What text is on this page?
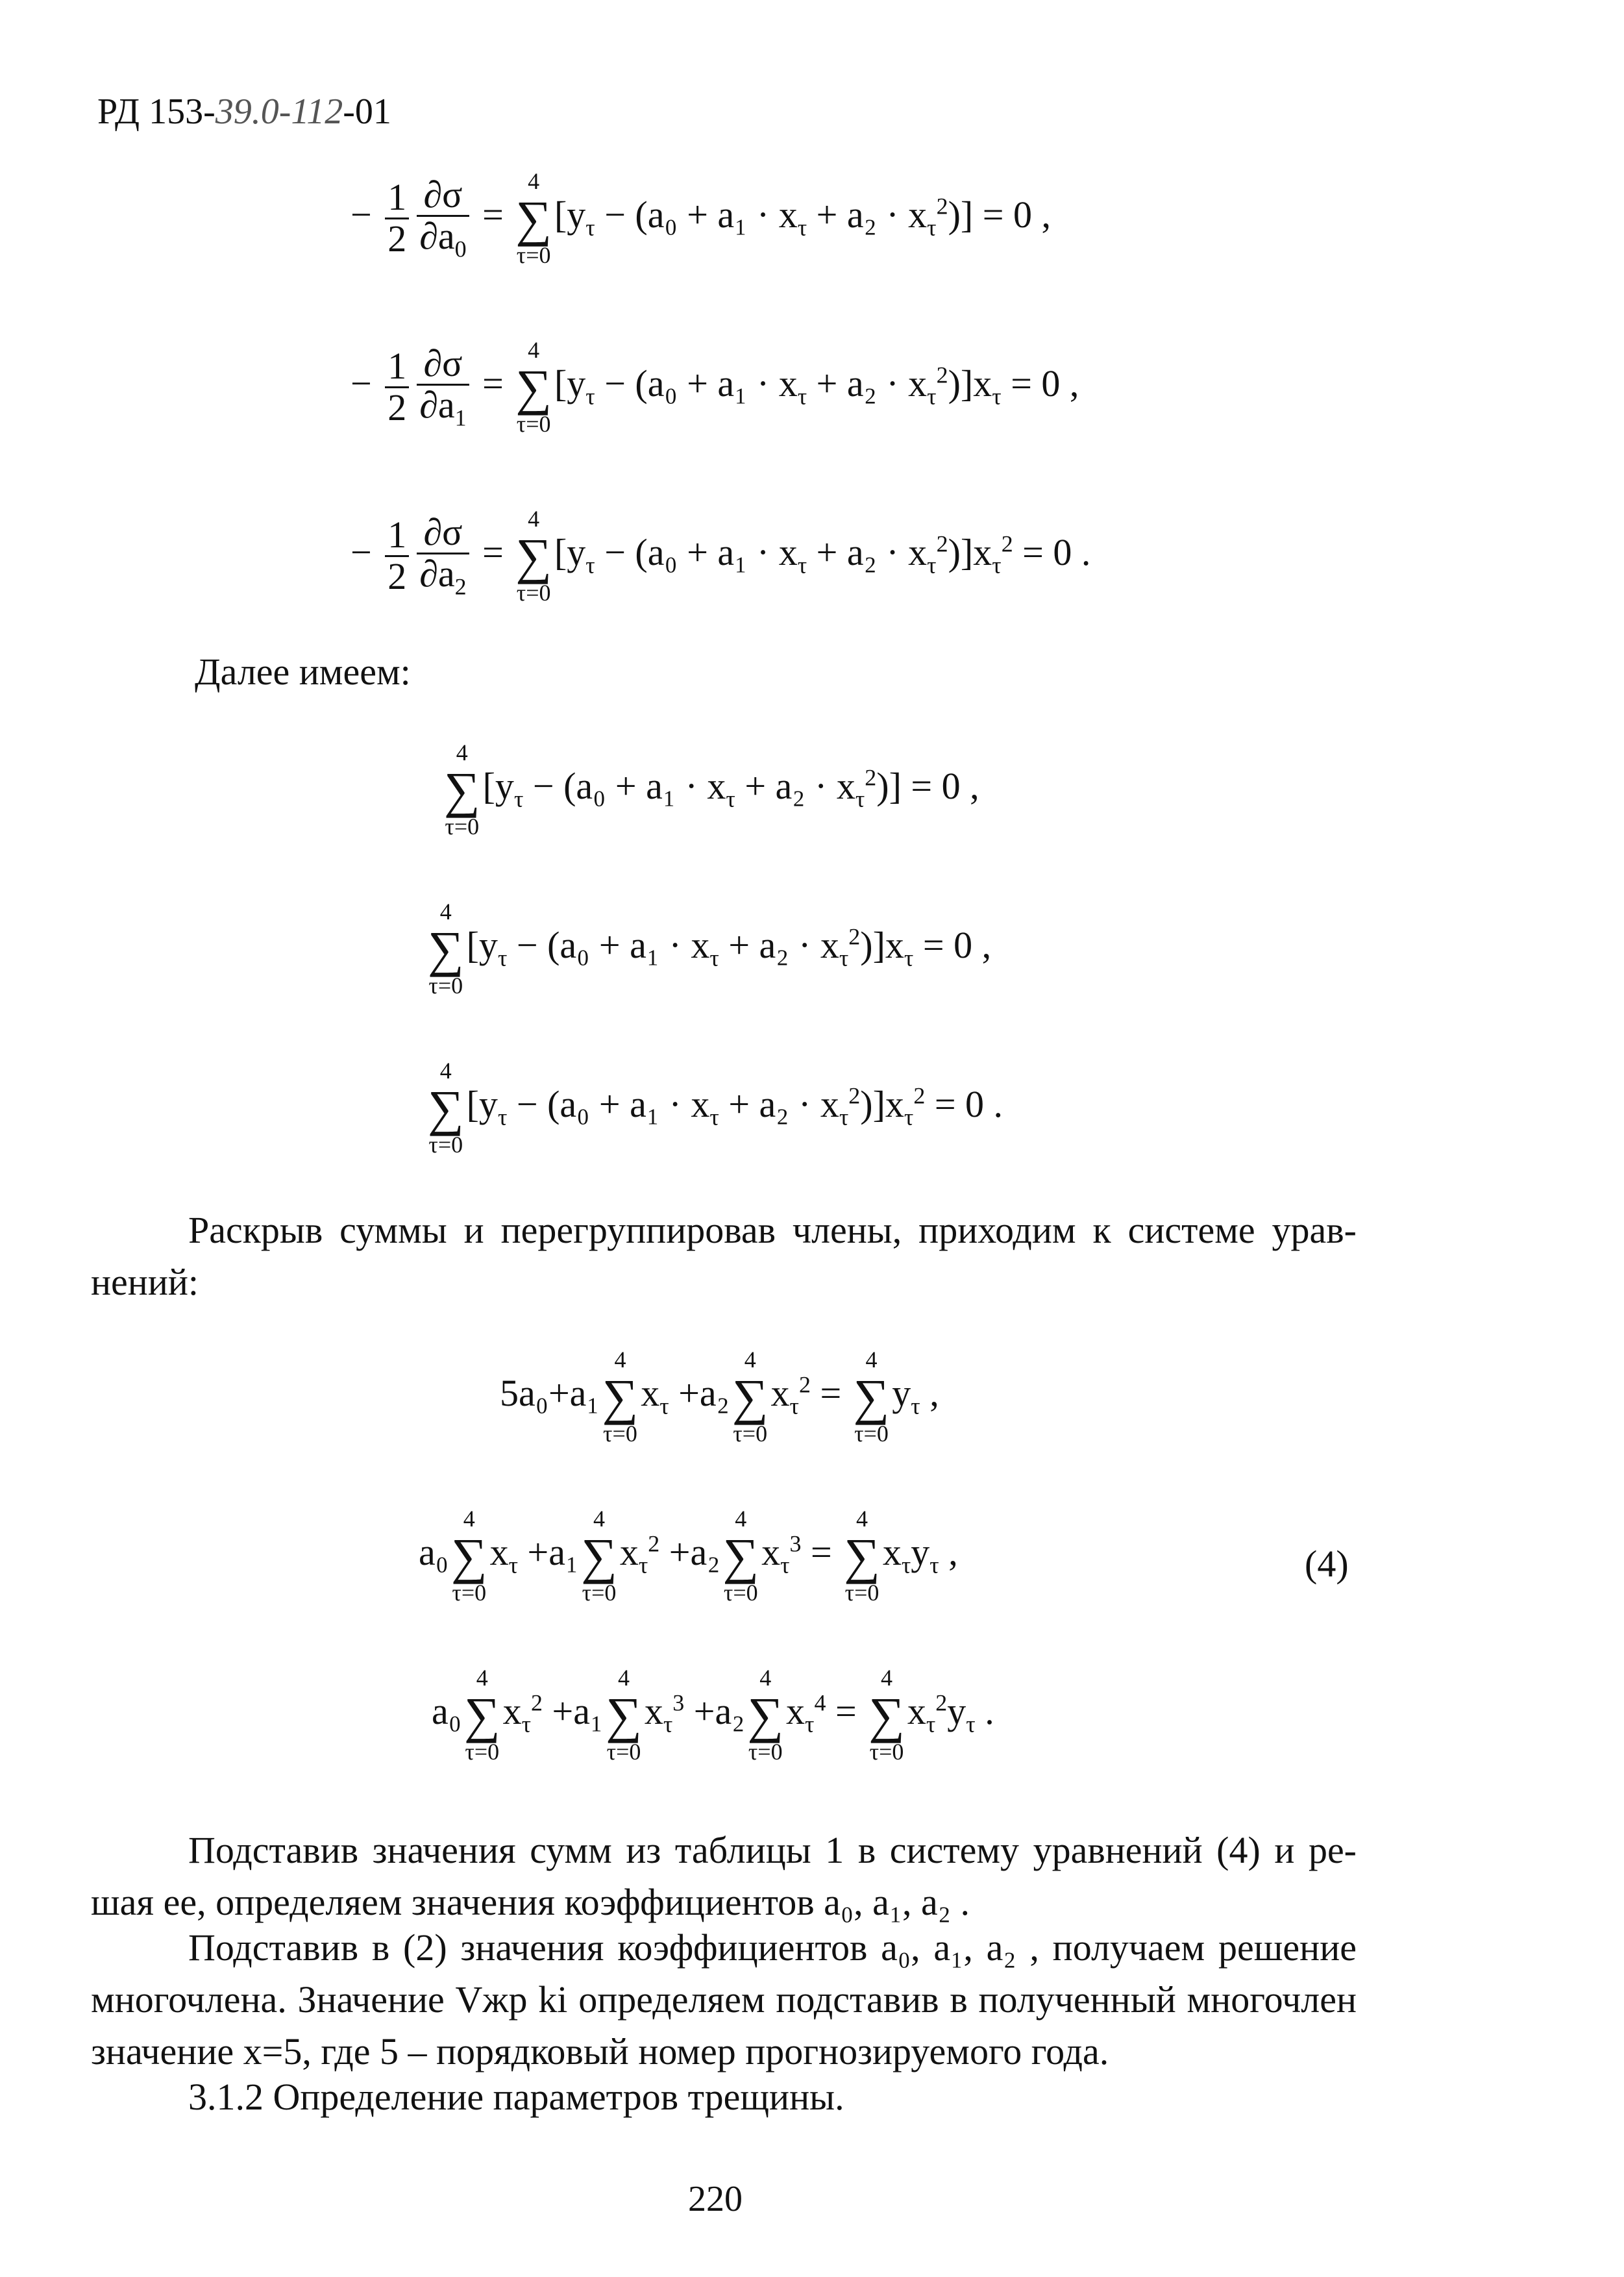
РД 153-39.0-112-01
− $\frac{1}{2} \frac{\partial\sigma}{\partial a_0}$ =
4
∑
τ=0
$[y_\tau - (a_0 + a_1 \cdot x_\tau + a_2 \cdot x_\tau^2)] = 0$ ,
− $\frac{1}{2} \frac{\partial\sigma}{\partial a_1}$ =
4
∑
τ=0
$[y_\tau - (a_0 + a_1 \cdot x_\tau + a_2 \cdot x_\tau^2)]x_\tau = 0$ ,
− $\frac{1}{2} \frac{\partial\sigma}{\partial a_2}$ =
4
∑
τ=0
$[y_\tau - (a_0 + a_1 \cdot x_\tau + a_2 \cdot x_\tau^2)]x_\tau^2 = 0$ .
Далее имеем:
4
∑
τ=0
$[y_\tau - (a_0 + a_1 \cdot x_\tau + a_2 \cdot x_\tau^2)] = 0$ ,
4
∑
τ=0
$[y_\tau - (a_0 + a_1 \cdot x_\tau + a_2 \cdot x_\tau^2)]x_\tau = 0$ ,
4
∑
τ=0
$[y_\tau - (a_0 + a_1 \cdot x_\tau + a_2 \cdot x_\tau^2)]x_\tau^2 = 0$ .
Раскрыв суммы и перегруппировав члены, приходим к системе урав-нений:
5a₀+a₁
4
∑
τ=0
$x_\tau +a_2$
4
∑
τ=0
$x_\tau^2$ =
4
∑
τ=0
$y_\tau$ ,
a₀
4
∑
τ=0
$x_\tau +a_1$
4
∑
τ=0
$x_\tau^2 +a_2$
4
∑
τ=0
$x_\tau^3$ =
4
∑
τ=0
$x_\tau y_\tau$ ,	(4)
a₀
4
∑
τ=0
$x_\tau^2 +a_1$
4
∑
τ=0
$x_\tau^3 +a_2$
4
∑
τ=0
$x_\tau^4$ =
4
∑
τ=0
$x_\tau^2y_\tau$ .
Подставив значения сумм из таблицы 1 в систему уравнений (4) и ре-шая ее, определяем значения коэффициентов a₀, a₁, a₂ .
Подставив в (2) значения коэффициентов a₀, a₁, a₂ , получаем решение многочлена. Значение Vжр ki определяем подставив в полученный многочлен значение x=5, где 5 – порядковый номер прогнозируемого года.
3.1.2 Определение параметров трещины.
220
